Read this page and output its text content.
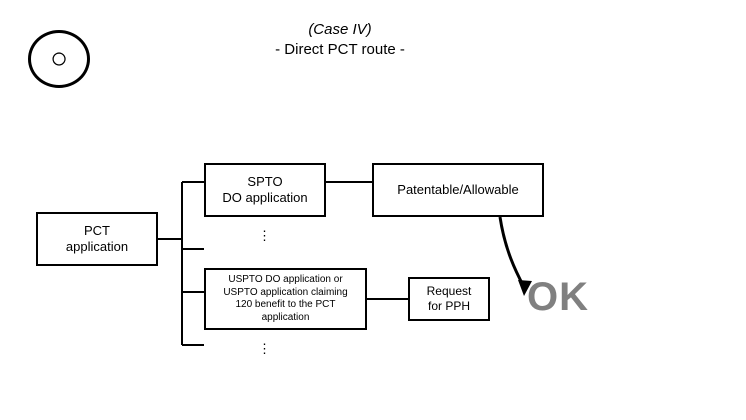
(Case IV)
- Direct PCT route -
○
PCT
application
SPTO
DO application
Patentable/Allowable
USPTO DO application or
USPTO application claiming
120 benefit to the PCT
application
Request
for PPH	OK
⋮
⋮
